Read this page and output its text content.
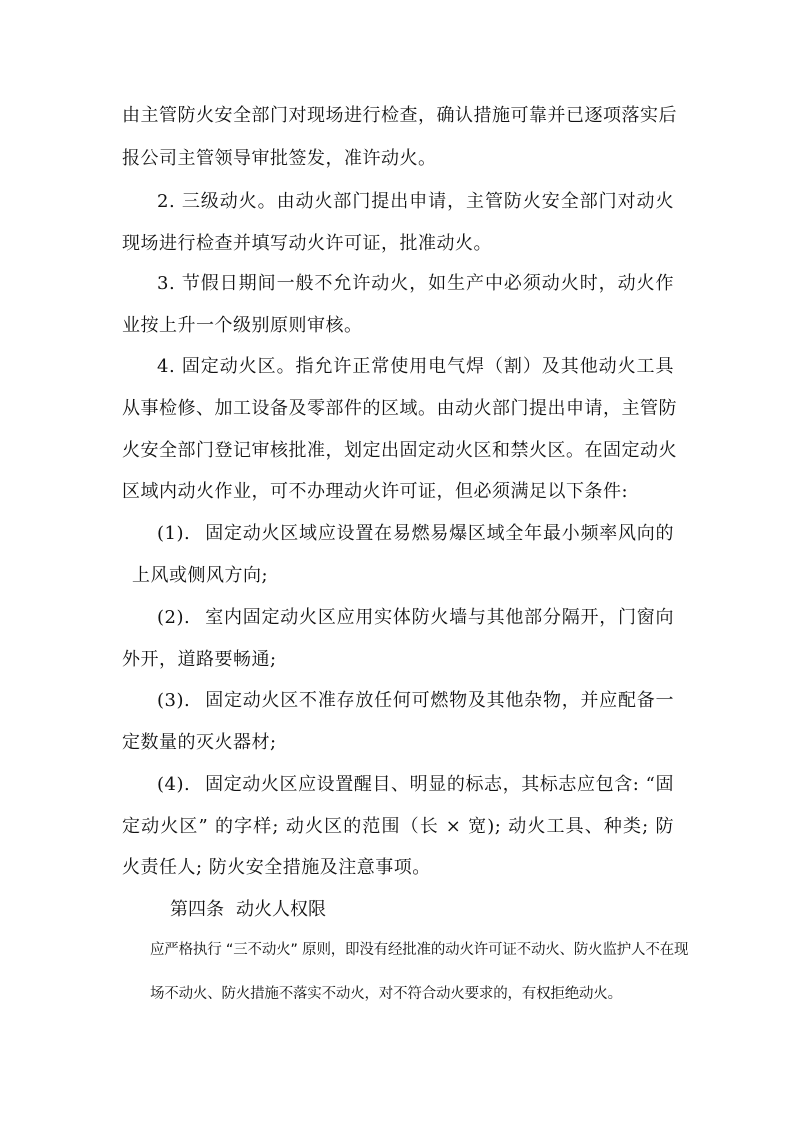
由主管防火安全部门对现场进行检查，确认措施可靠并已逐项落实后
报公司主管领导审批签发，准许动火。
2. 三级动火。由动火部门提出申请，主管防火安全部门对动火
现场进行检查并填写动火许可证，批准动火。
3. 节假日期间一般不允许动火，如生产中必须动火时，动火作
业按上升一个级别原则审核。
4. 固定动火区。指允许正常使用电气焊（割）及其他动火工具
从事检修、加工设备及零部件的区域。由动火部门提出申请，主管防
火安全部门登记审核批准，划定出固定动火区和禁火区。在固定动火
区域内动火作业，可不办理动火许可证，但必须满足以下条件:
(1). 固定动火区域应设置在易燃易爆区域全年最小频率风向的
上风或侧风方向;
(2). 室内固定动火区应用实体防火墙与其他部分隔开，门窗向
外开，道路要畅通;
(3). 固定动火区不准存放任何可燃物及其他杂物，并应配备一
定数量的灭火器材;
(4). 固定动火区应设置醒目、明显的标志，其标志应包含: “固
定动火区” 的字样; 动火区的范围（长 × 宽); 动火工具、种类; 防
火责任人; 防火安全措施及注意事项。
第四条 动火人权限
应严格执行 “三不动火” 原则，即没有经批准的动火许可证不动火、防火监护人不在现
场不动火、防火措施不落实不动火，对不符合动火要求的，有权拒绝动火。
